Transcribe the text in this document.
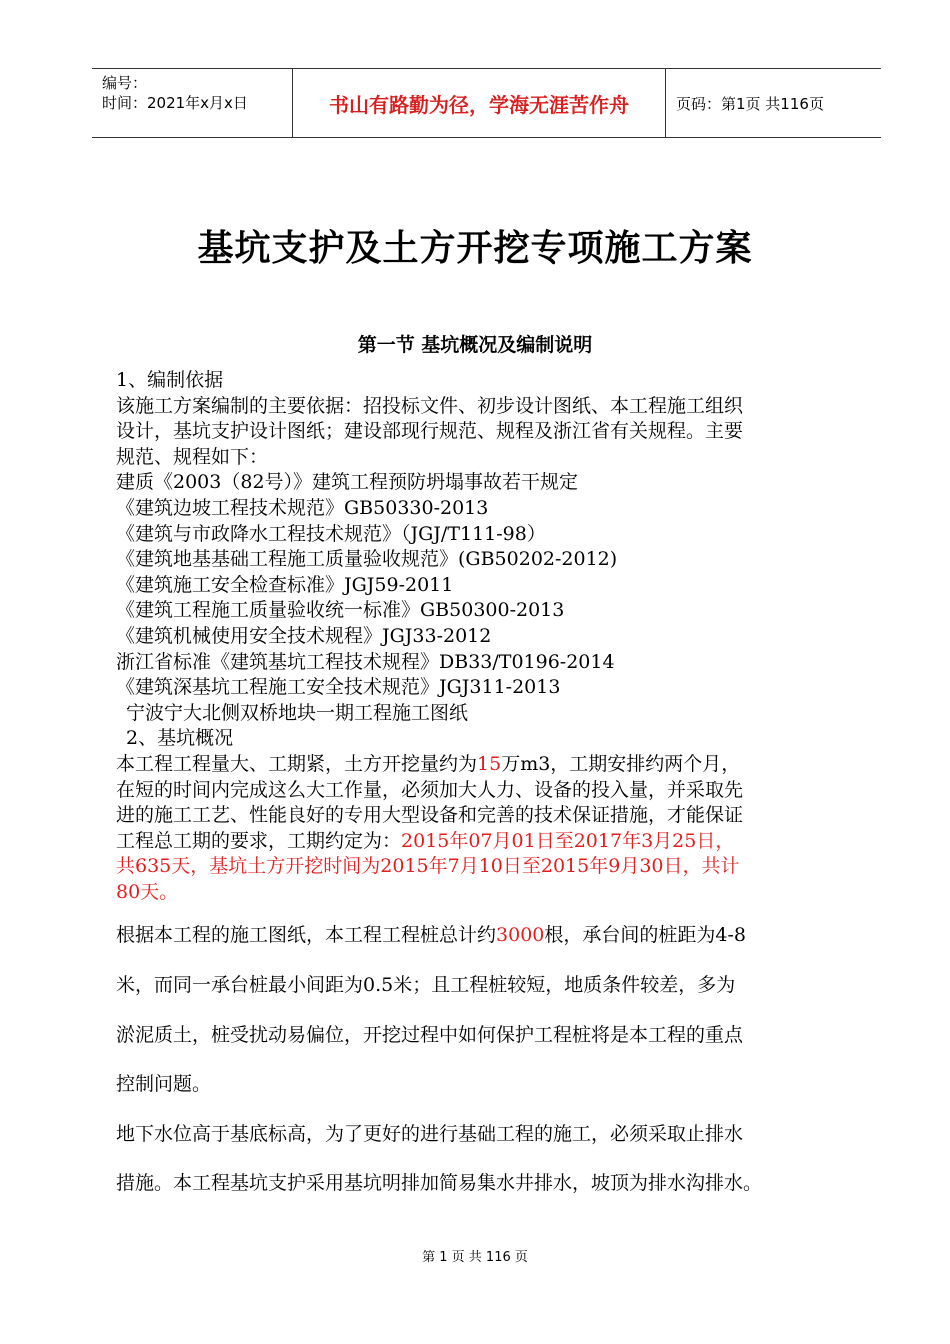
编号：
时间：2021年x月x日	书山有路勤为径，学海无涯苦作舟	页码：第1页 共116页
基坑支护及土方开挖专项施工方案
第一节 基坑概况及编制说明
1、编制依据
该施工方案编制的主要依据：招投标文件、初步设计图纸、本工程施工组织
设计，基坑支护设计图纸；建设部现行规范、规程及浙江省有关规程。主要
规范、规程如下：
建质《2003（82号）》建筑工程预防坍塌事故若干规定
《建筑边坡工程技术规范》GB50330-2013
《建筑与市政降水工程技术规范》（JGJ/T111-98）
《建筑地基基础工程施工质量验收规范》(GB50202-2012)
《建筑施工安全检查标准》JGJ59-2011
《建筑工程施工质量验收统一标准》GB50300-2013
《建筑机械使用安全技术规程》JGJ33-2012
浙江省标准《建筑基坑工程技术规程》DB33/T0196-2014
《建筑深基坑工程施工安全技术规范》JGJ311-2013
宁波宁大北侧双桥地块一期工程施工图纸
2、基坑概况
本工程工程量大、工期紧，土方开挖量约为15万m3，工期安排约两个月，
在短的时间内完成这么大工作量，必须加大人力、设备的投入量，并采取先
进的施工工艺、性能良好的专用大型设备和完善的技术保证措施，才能保证
工程总工期的要求，工期约定为：2015年07月01日至2017年3月25日，
共635天，基坑土方开挖时间为2015年7月10日至2015年9月30日，共计
80天。
根据本工程的施工图纸，本工程工程桩总计约3000根，承台间的桩距为4-8
米，而同一承台桩最小间距为0.5米；且工程桩较短，地质条件较差，多为
淤泥质土，桩受扰动易偏位，开挖过程中如何保护工程桩将是本工程的重点
控制问题。
地下水位高于基底标高，为了更好的进行基础工程的施工，必须采取止排水
措施。本工程基坑支护采用基坑明排加简易集水井排水，坡顶为排水沟排水。
第 1 页 共 116 页
